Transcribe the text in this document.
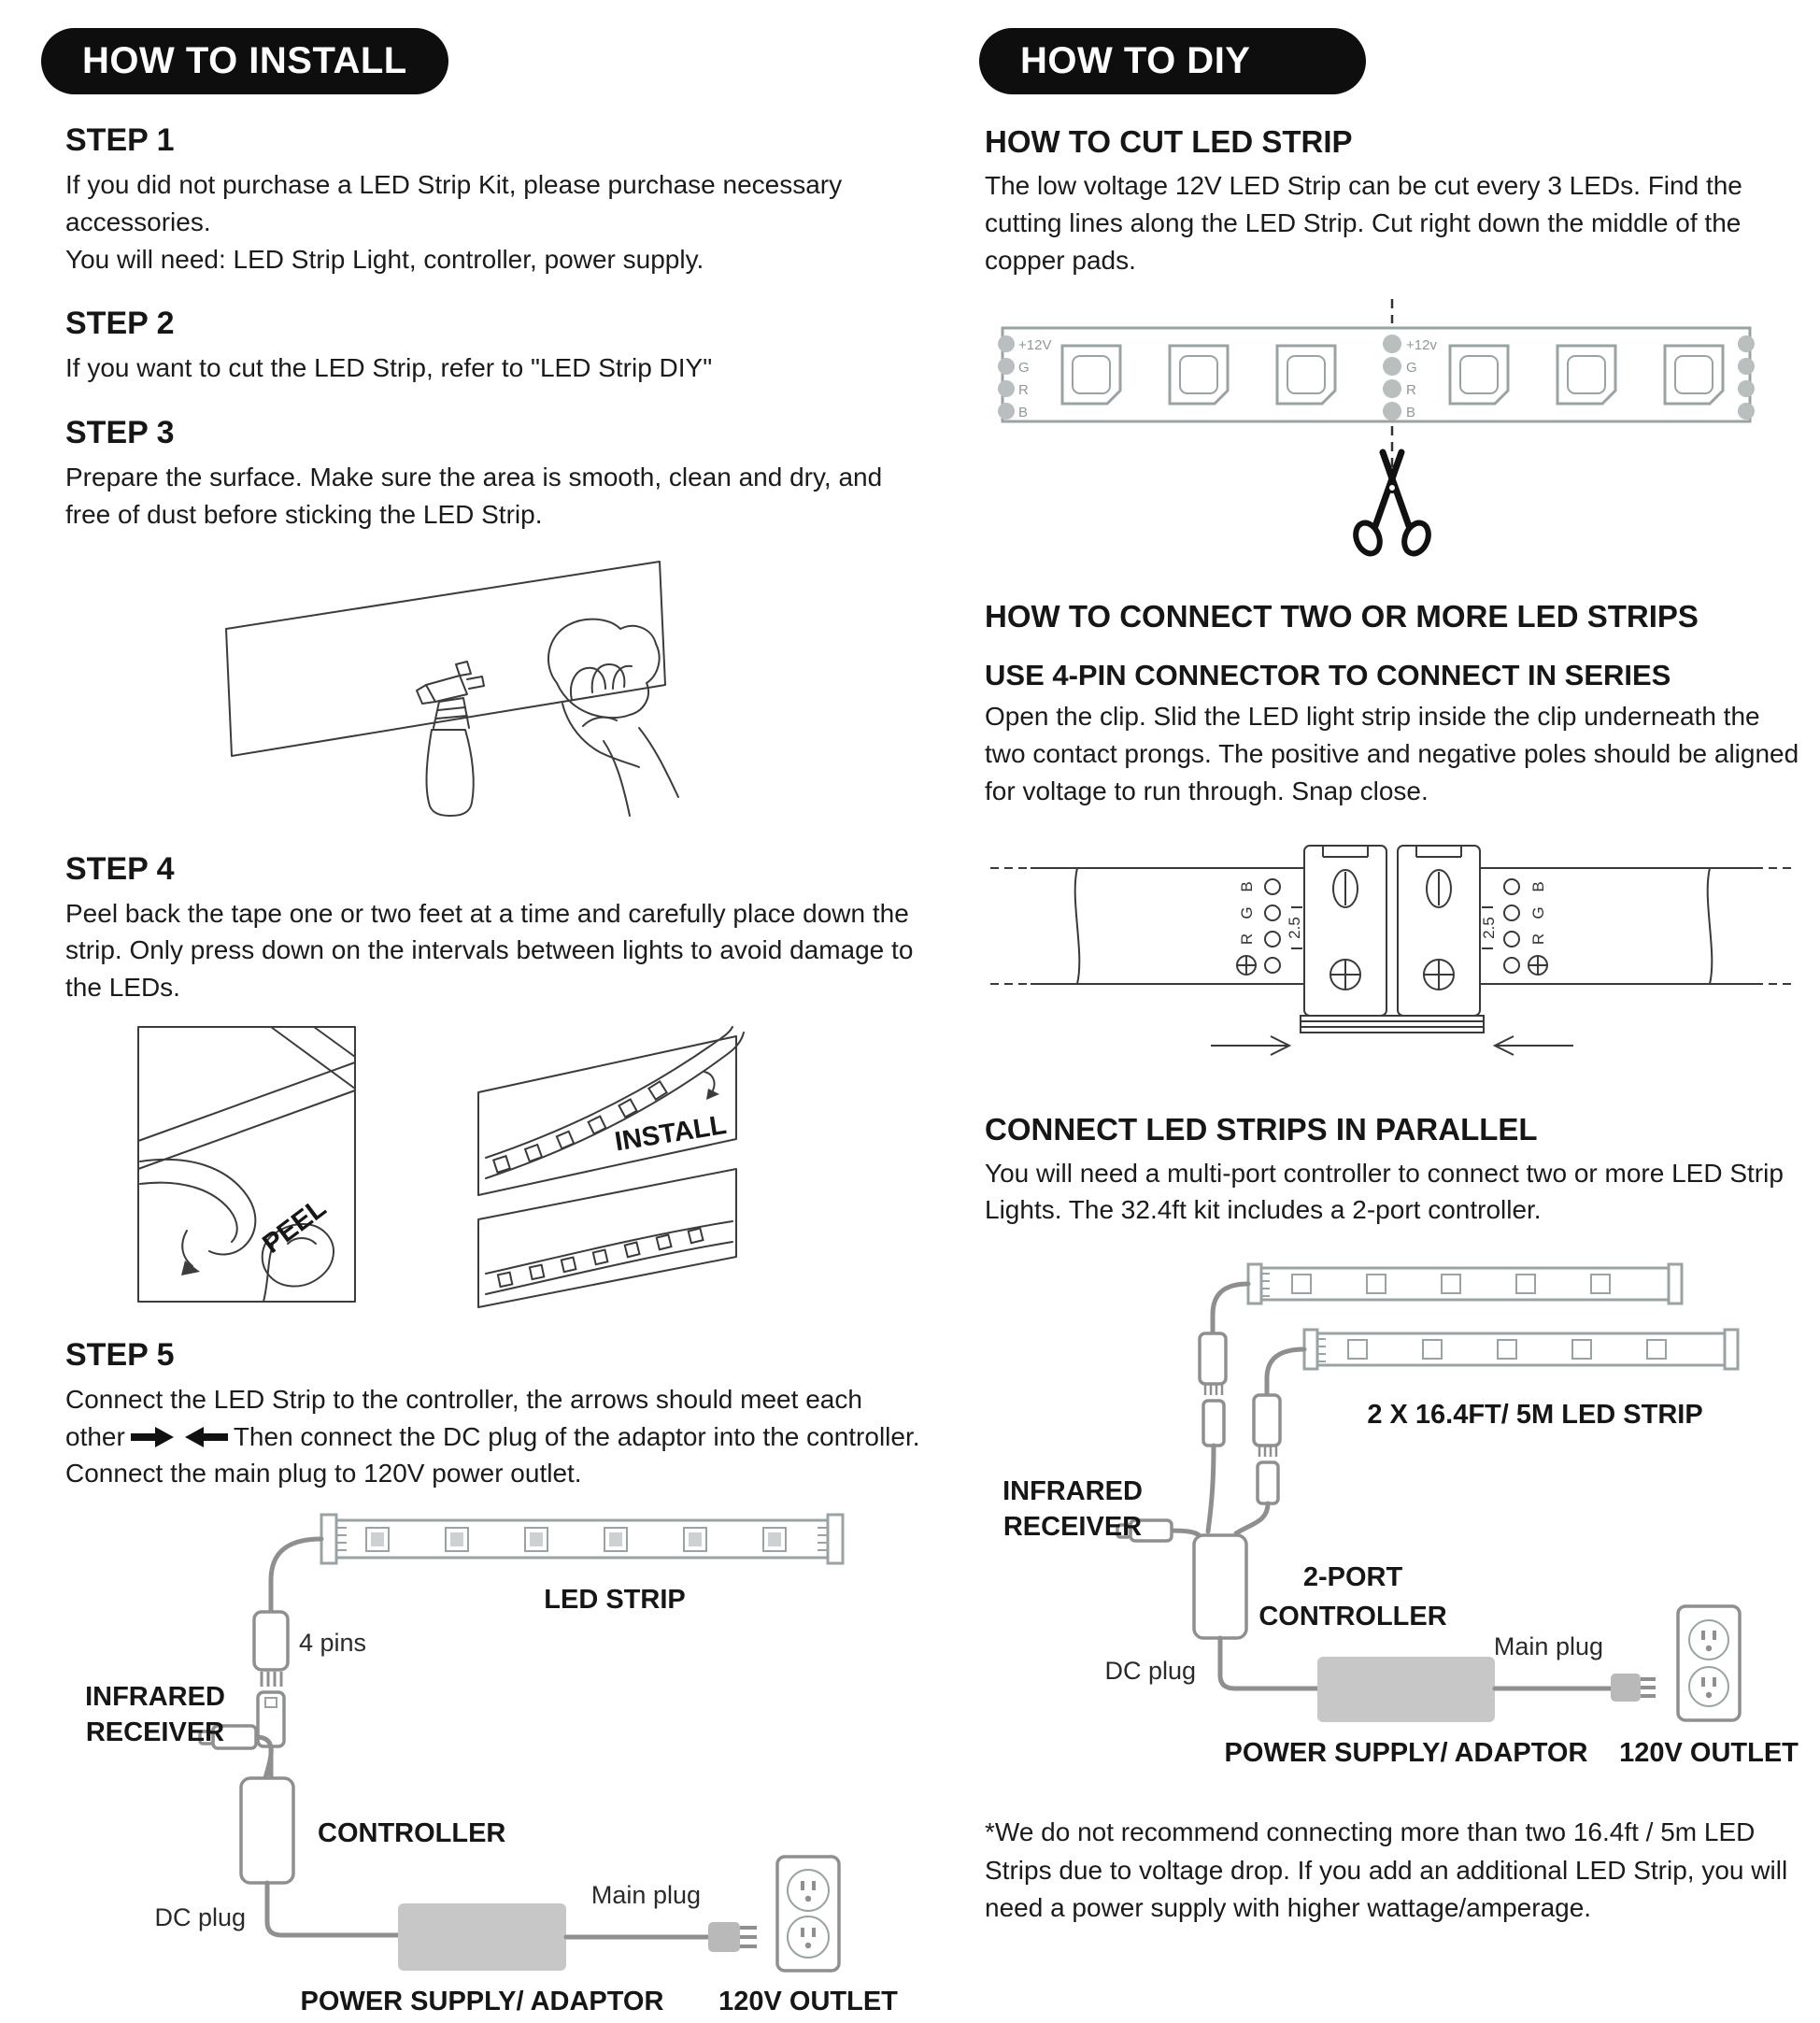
HOW TO INSTALL
STEP 1

If you did not purchase a LED Strip Kit, please purchase necessary accessories.

You will need: LED Strip Light, controller, power supply.

STEP 2

If you want to cut the LED Strip, refer to "LED Strip DIY"

STEP 3

Prepare the surface. Make sure the area is smooth, clean and dry, and free of dust before sticking the LED Strip.

STEP 4

Peel back the tape one or two feet at a time and carefully place down the strip. Only press down on the intervals between lights to avoid damage to the LEDs.

PEEL
INSTALL
STEP 5

Connect the LED Strip to the controller, the arrows should meet each other	Then connect the DC plug of the adaptor into the controller. Connect the main plug to 120V power outlet.

LED STRIP
4 pins
INFRARED
RECEIVER
CONTROLLER
DC plug
Main plug
POWER SUPPLY/ ADAPTOR 120V OUTLET
HOW TO DIY
HOW TO CUT LED STRIP

The low voltage 12V LED Strip can be cut every 3 LEDs. Find the cutting lines along the LED Strip. Cut right down the middle of the copper pads.

+12V
G
R
B
+12v
G
R
B
HOW TO CONNECT TWO OR MORE LED STRIPS
USE 4-PIN CONNECTOR TO CONNECT IN SERIES

Open the clip. Slid the LED light strip inside the clip underneath the two contact prongs. The positive and negative poles should be aligned for voltage to run through. Snap close.

B
G
R
B
G
R
2.5	2.5
CONNECT LED STRIPS IN PARALLEL

You will need a multi-port controller to connect two or more LED Strip Lights. The 32.4ft kit includes a 2-port controller.

2 X 16.4FT/ 5M LED STRIP
INFRARED
RECEIVER
2-PORT
CONTROLLER
DC plug
Main plug
POWER SUPPLY/ ADAPTOR 120V OUTLET

*We do not recommend connecting more than two 16.4ft / 5m LED Strips due to voltage drop. If you add an additional LED Strip, you will need a power supply with higher wattage/amperage.
